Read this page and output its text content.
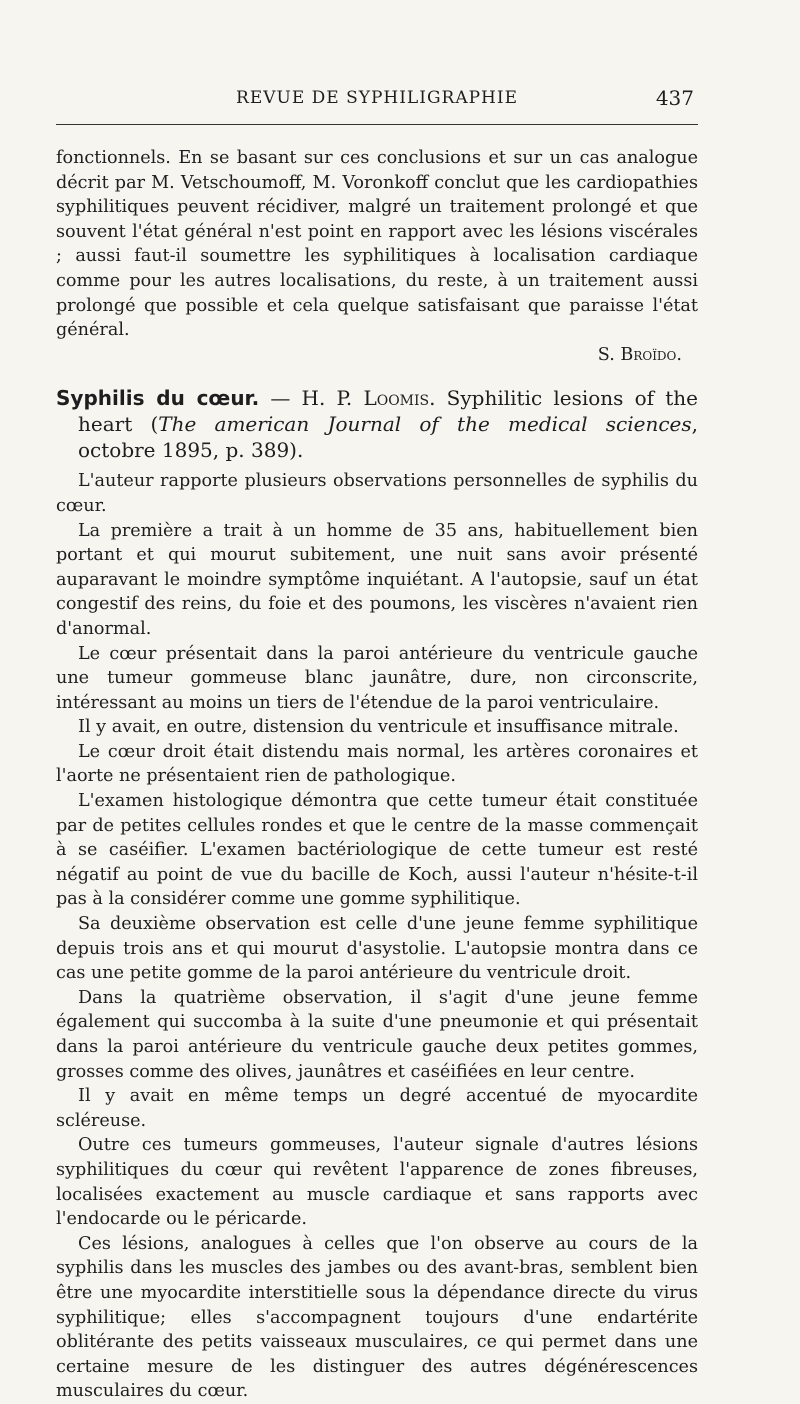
REVUE DE SYPHILIGRAPHIE	437

fonctionnels. En se basant sur ces conclusions et sur un cas analogue décrit par M. Vetschoumoff, M. Voronkoff conclut que les cardiopathies syphilitiques peuvent récidiver, malgré un traitement prolongé et que souvent l'état général n'est point en rapport avec les lésions viscérales ; aussi faut-il soumettre les syphilitiques à localisation cardiaque comme pour les autres localisations, du reste, à un traitement aussi prolongé que possible et cela quelque satisfaisant que paraisse l'état général.

S. Broïdo.

Syphilis du cœur. — H. P. Loomis. Syphilitic lesions of the heart (The american Journal of the medical sciences, octobre 1895, p. 389).

L'auteur rapporte plusieurs observations personnelles de syphilis du cœur.

La première a trait à un homme de 35 ans, habituellement bien portant et qui mourut subitement, une nuit sans avoir présenté auparavant le moindre symptôme inquiétant. A l'autopsie, sauf un état congestif des reins, du foie et des poumons, les viscères n'avaient rien d'anormal.

Le cœur présentait dans la paroi antérieure du ventricule gauche une tumeur gommeuse blanc jaunâtre, dure, non circonscrite, intéressant au moins un tiers de l'étendue de la paroi ventriculaire.

Il y avait, en outre, distension du ventricule et insuffisance mitrale.

Le cœur droit était distendu mais normal, les artères coronaires et l'aorte ne présentaient rien de pathologique.

L'examen histologique démontra que cette tumeur était constituée par de petites cellules rondes et que le centre de la masse commençait à se caséifier. L'examen bactériologique de cette tumeur est resté négatif au point de vue du bacille de Koch, aussi l'auteur n'hésite-t-il pas à la considérer comme une gomme syphilitique.

Sa deuxième observation est celle d'une jeune femme syphilitique depuis trois ans et qui mourut d'asystolie. L'autopsie montra dans ce cas une petite gomme de la paroi antérieure du ventricule droit.

Dans la quatrième observation, il s'agit d'une jeune femme également qui succomba à la suite d'une pneumonie et qui présentait dans la paroi antérieure du ventricule gauche deux petites gommes, grosses comme des olives, jaunâtres et caséifiées en leur centre.

Il y avait en même temps un degré accentué de myocardite scléreuse.

Outre ces tumeurs gommeuses, l'auteur signale d'autres lésions syphilitiques du cœur qui revêtent l'apparence de zones fibreuses, localisées exactement au muscle cardiaque et sans rapports avec l'endocarde ou le péricarde.

Ces lésions, analogues à celles que l'on observe au cours de la syphilis dans les muscles des jambes ou des avant-bras, semblent bien être une myocardite interstitielle sous la dépendance directe du virus syphilitique; elles s'accompagnent toujours d'une endartérite oblitérante des petits vaisseaux musculaires, ce qui permet dans une certaine mesure de les distinguer des autres dégénérescences musculaires du cœur.
